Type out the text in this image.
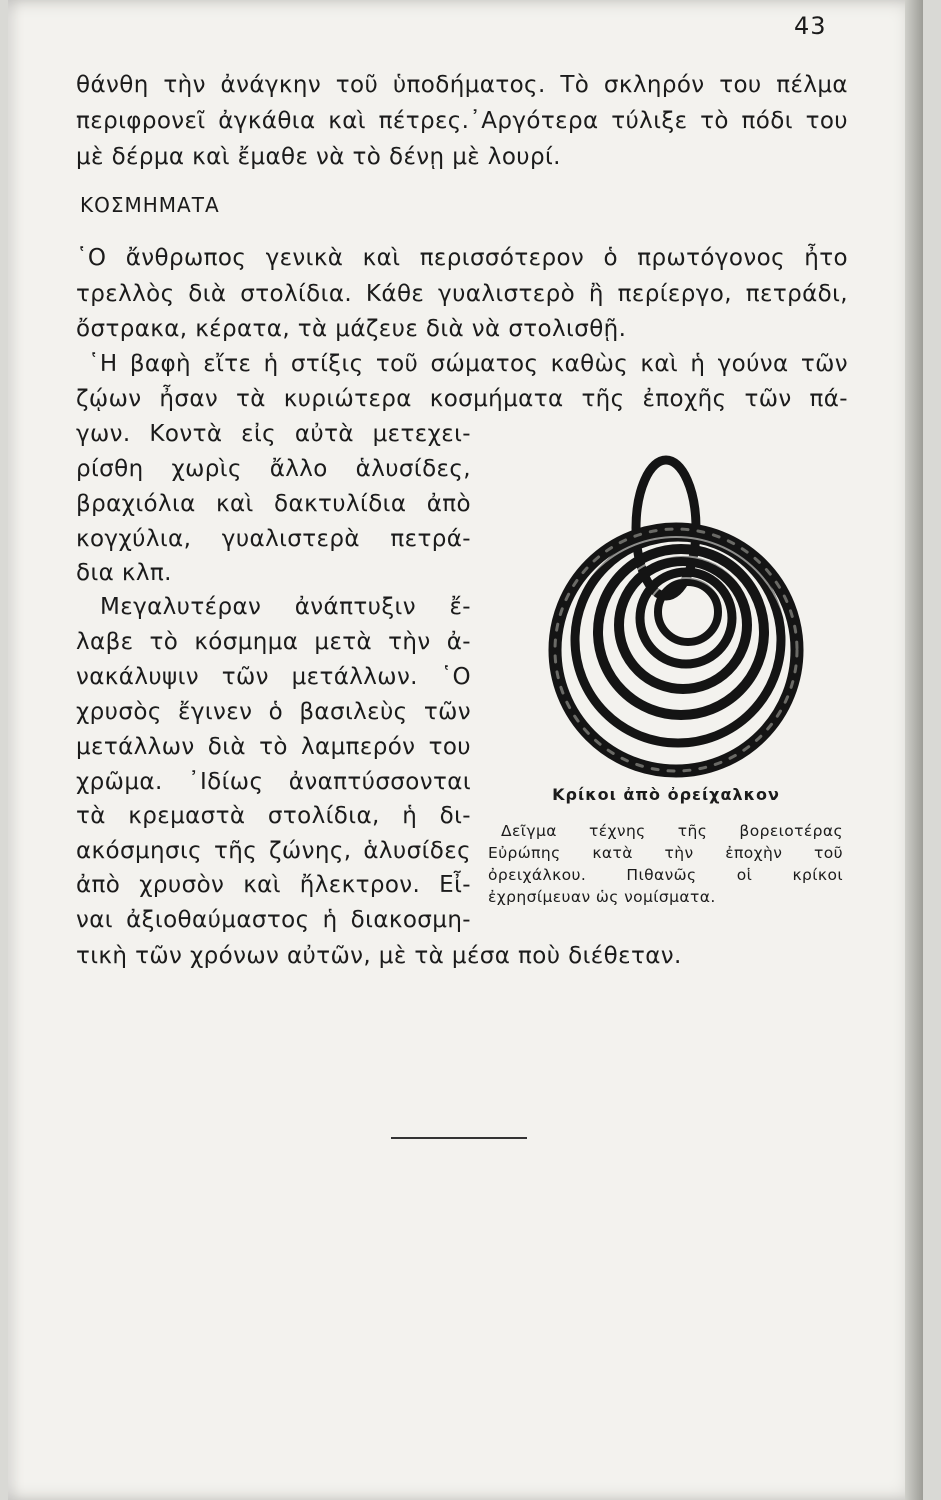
43
θάνθη τὴν ἀνάγκην τοῦ ὑποδήματος. Τὸ σκληρόν του πέλμα
περιφρονεῖ ἀγκάθια καὶ πέτρες.᾿Αργότερα τύλιξε τὸ πόδι του
μὲ δέρμα καὶ ἔμαθε νὰ τὸ δένῃ μὲ λουρί.
ΚΟΣΜΗΜΑΤΑ
῾Ο ἄνθρωπος γενικὰ καὶ περισσότερον ὁ πρωτόγονος ἦτο
τρελλὸς διὰ στολίδια. Κάθε γυαλιστερὸ ἢ περίεργο, πετράδι,
ὄστρακα, κέρατα, τὰ μάζευε διὰ νὰ στολισθῇ.
῾Η βαφὴ εἴτε ἡ στίξις τοῦ σώματος καθὼς καὶ ἡ γούνα τῶν
ζῴων ἦσαν τὰ κυριώτερα κοσμήματα τῆς ἐποχῆς τῶν πά-
γων. Κοντὰ εἰς αὐτὰ μετεχει-
ρίσθη χωρὶς ἄλλο ἁλυσίδες,
βραχιόλια καὶ δακτυλίδια ἀπὸ
κογχύλια, γυαλιστερὰ πετρά-
δια κλπ.
Μεγαλυτέραν ἀνάπτυξιν ἔ-
λαβε τὸ κόσμημα μετὰ τὴν ἀ-
νακάλυψιν τῶν μετάλλων. ῾Ο
χρυσὸς ἔγινεν ὁ βασιλεὺς τῶν
μετάλλων διὰ τὸ λαμπερόν του
χρῶμα. ᾿Ιδίως ἀναπτύσσονται
τὰ κρεμαστὰ στολίδια, ἡ δι-
ακόσμησις τῆς ζώνης, ἁλυσίδες
ἀπὸ χρυσὸν καὶ ἤλεκτρον. Εἶ-
ναι ἀξιοθαύμαστος ἡ διακοσμη-
τικὴ τῶν χρόνων αὐτῶν, μὲ τὰ μέσα ποὺ διέθεταν.
Κρίκοι ἀπὸ ὀρείχαλκον
Δεῖγμα τέχνης τῆς βορειοτέρας
Εὐρώπης κατὰ τὴν ἐποχὴν τοῦ
ὀρειχάλκου. Πιθανῶς οἱ κρίκοι
ἐχρησίμευαν ὡς νομίσματα.
